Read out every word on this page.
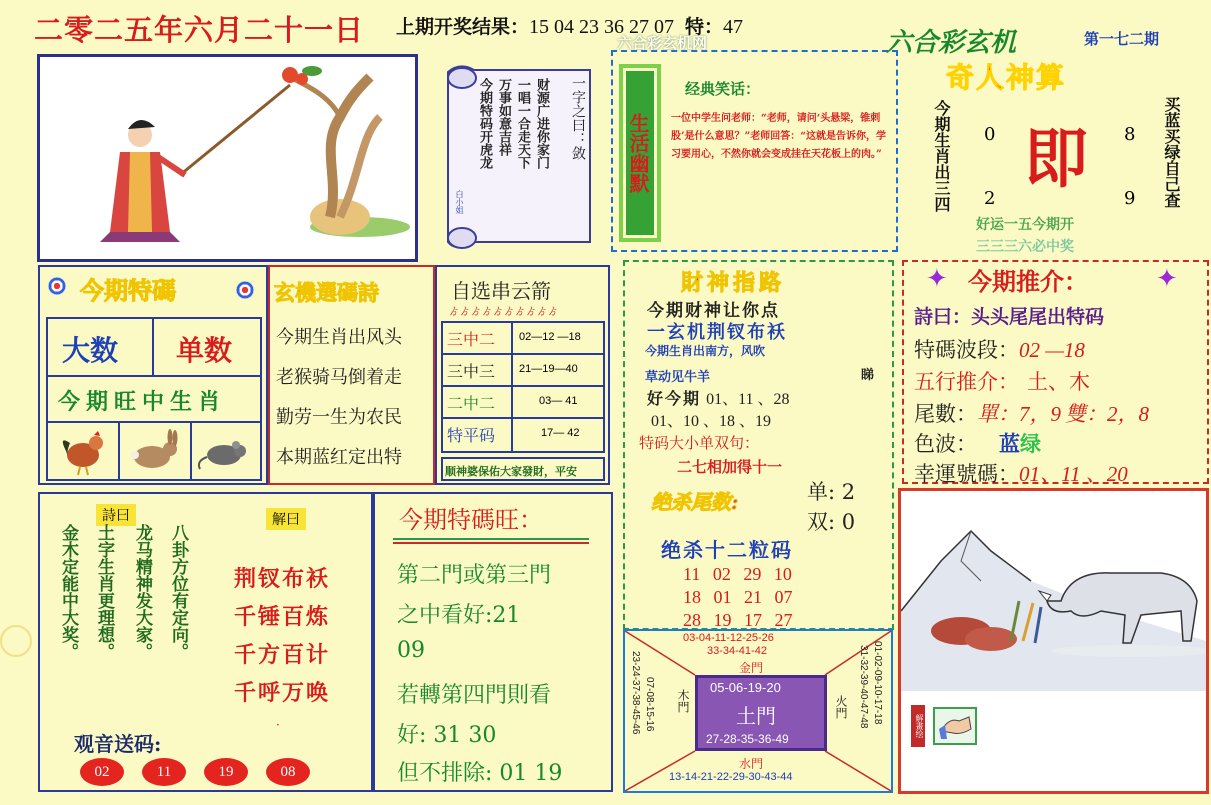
二零二五年六月二十一日 上期开奖结果：15 04 23 36 27 07 特：47
一字之曰：敛
财源广进你家门
一唱一合走天下
万事如意吉祥
今期特码开虎龙
白小姐
六合彩玄机网
生活幽默
经典笑话：
一位中学生问老师：“老师，请问‘头悬梁，锥刺股’是什么意思？”老师回答：“这就是告诉你，学习要用心，不然你就会变成挂在天花板上的肉。”
六合彩玄机	第一七二期
奇人神算
今期生肖出三四	买蓝买绿自己查
即
0	8
2	9
好运一五今期开
三三三六必中奖
今期特碼
大数 单数
今期旺中生肖
玄機選碼詩
今期生肖出风头
老猴骑马倒着走
勤劳一生为农民
本期蓝红定出特
自选串云箭
ゟゟゟゟゟゟゟゟゟゟ
三中二	02—12 —18
三中三	21—19—40
二中二	03— 41
特平码	17— 42
顺神婆保佑大家發財，平安
財神指路
今期财神让你点
一玄机荆钗布袄
今期生肖出南方，风吹
草动见牛羊	睇
好今期 01、11 、28
01、10 、18 、19
特码大小单双句：
二七相加得十一
绝杀尾数:	单: 2
双: 0
绝杀十二粒码
11 02 29 10
18 01 21 07
28 19 17 27
✦ 今期推介：	✦
詩曰：头头尾尾出特码
特碼波段：02 —18
五行推介： 土、木
尾數：單：7，9 雙：2，8
色波： 蓝绿
幸運號碼：01、11 、20
解畫绘
詩曰
金木定能中大奖。 土字生肖更理想。 龙马精神发大家。 八卦方位有定向。
解曰
荆钗布袄
千锤百炼
千方百计
千呼万唤
·
观音送码:
02	11	19	08
今期特碼旺：
第二門或第三門
之中看好:21
09
若轉第四門則看
好: 31 30
但不排除: 01 19
03-04-11-12-25-26
33-34-41-42
金門
木門	火門
05-06-19-20
土門
27-28-35-36-49
07-08-15-16
23-24-37-38-45-46	01-02-09-10-17-18
31-32-39-40-47-48
水門
13-14-21-22-29-30-43-44
